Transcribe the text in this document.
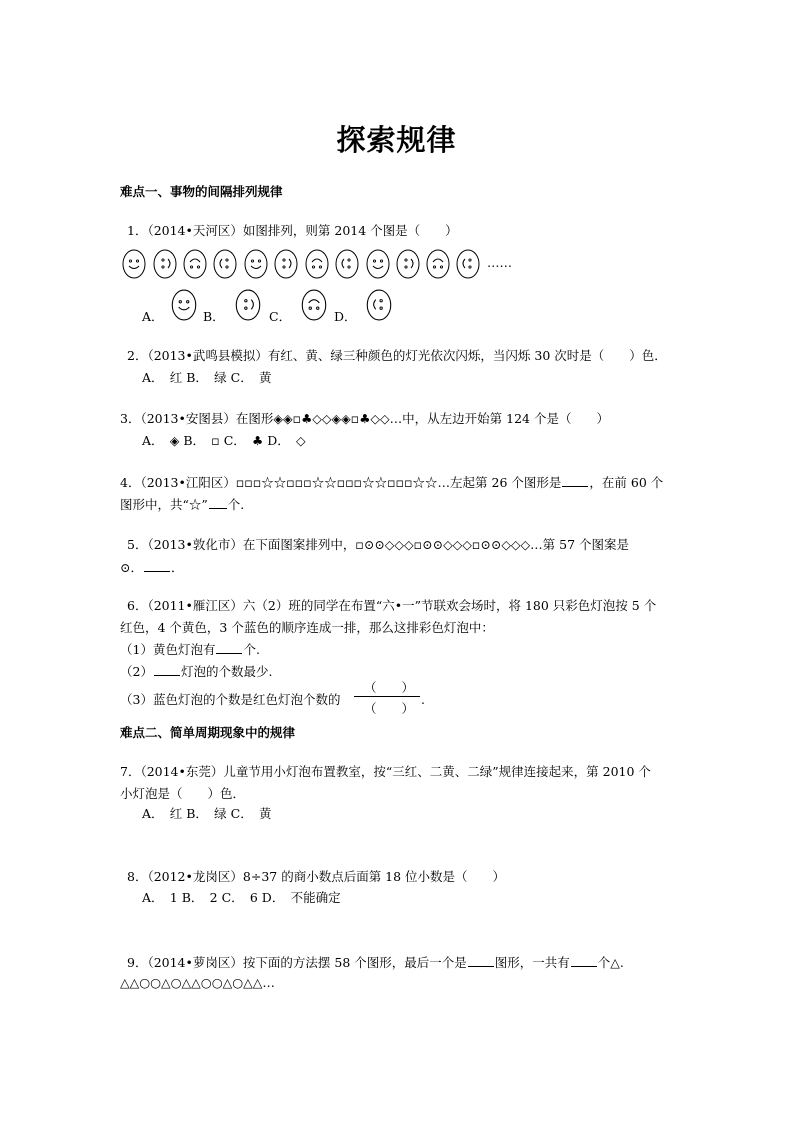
探索规律
难点一、事物的间隔排列规律
1．（2014•天河区）如图排列，则第 2014 个图是（　　）
……
A．	B．	C．	D．
2．（2013•武鸣县模拟）有红、黄、绿三种颜色的灯光依次闪烁，当闪烁 30 次时是（　　）色．
A．　红 B．　绿 C．　黄
3．（2013•安图县）在图形◈◈▫♣◇◇◈◈▫♣◇◇…中，从左边开始第 124 个是（　　）
A．　◈ B．　▫ C．　♣ D．　◇
4．（2013•江阳区）▫▫▫☆☆▫▫▫☆☆▫▫▫☆☆▫▫▫☆☆…左起第 26 个图形是 ，在前 60 个
图形中，共“☆” 个.
5．（2013•敦化市）在下面图案排列中，▫⊙⊙◇◇◇▫⊙⊙◇◇◇▫⊙⊙◇◇◇…第 57 个图案是
⊙． ．
6．（2011•雁江区）六（2）班的同学在布置“六•一”节联欢会场时，将 180 只彩色灯泡按 5 个
红色，4 个黄色，3 个蓝色的顺序连成一排，那么这排彩色灯泡中：
（1）黄色灯泡有 个.
（2） 灯泡的个数最少.
（3）蓝色灯泡的个数是红色灯泡个数的
（　　）
（　　）
.
难点二、简单周期现象中的规律
7．（2014•东莞）儿童节用小灯泡布置教室，按“三红、二黄、二绿”规律连接起来，第 2010 个
小灯泡是（　　）色．
A．　红 B．　绿 C．　黄
8．（2012•龙岗区）8÷37 的商小数点后面第 18 位小数是（　　）
A．　1 B．　2 C．　6 D．　不能确定
9．（2014•萝岗区）按下面的方法摆 58 个图形，最后一个是 图形，一共有 个△.
△△○○△○△△○○△○△△…
